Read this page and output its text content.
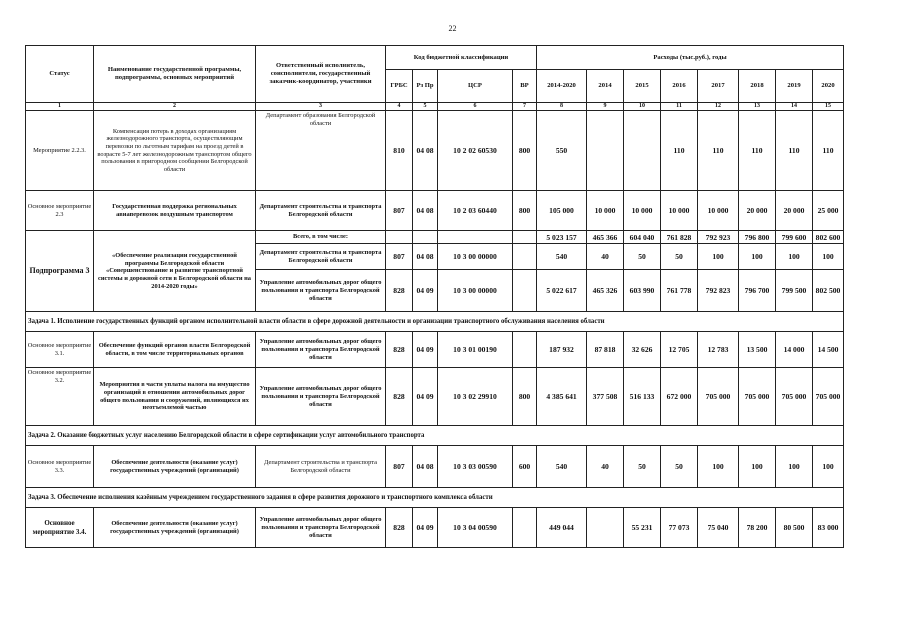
22
Статус	Наименование государственной программы, подпрограммы, основных мероприятий	Ответственный исполнитель, соисполнители, государственный заказчик-координатор, участники	Код бюджетной классификации				Расходы (тыс.руб.), годы							
			ГРБС	Рз Пр	ЦСР	ВР	2014-2020	2014	2015	2016	2017	2018	2019	2020
1	2	3	4	5	6	7	8	9	10	11	12	13	14	15
Мероприятие 2.2.3.	Компенсация потерь в доходах организациям железнодорожного транспорта, осуществляющим перевозки по льготным тарифам на проезд детей в возрасте 5-7 лет железнодорожным транспортом общего пользования в пригородном сообщении Белгородской области	Департамент образования Белгородской области	810	04 08	10 2 02 60530	800	550			110	110	110	110	110
Основное мероприятие 2.3	Государственная поддержка региональных авиаперевозок воздушным транспортом	Департамент строительства и транспорта Белгородской области	807	04 08	10 2 03 60440	800	105 000	10 000	10 000	10 000	10 000	20 000	20 000	25 000
Подпрограмма 3	«Обеспечение реализации государственной программы Белгородской области «Совершенствование и развитие транспортной системы и дорожной сети в Белгородской области на 2014-2020 годы»	Всего, в том числе:					5 023 157	465 366	604 040	761 828	792 923	796 800	799 600	802 600
		Департамент строительства и транспорта Белгородской области	807	04 08	10 3 00 00000		540	40	50	50	100	100	100	100
		Управление автомобильных дорог общего пользования и транспорта Белгородской области	828	04 09	10 3 00 00000		5 022 617	465 326	603 990	761 778	792 823	796 700	799 500	802 500
Задача 1. Исполнение государственных функций органом исполнительной власти области в сфере дорожной деятельности и организации транспортного обслуживания населения области														
Основное мероприятие 3.1.	Обеспечение функций органов власти Белгородской области, в том числе территориальных органов	Управление автомобильных дорог общего пользования и транспорта Белгородской области	828	04 09	10 3 01 00190		187 932	87 818	32 626	12 705	12 783	13 500	14 000	14 500
Основное мероприятие 3.2.	Мероприятия в части уплаты налога на имущество организаций в отношении автомобильных дорог общего пользования и сооружений, являющихся их неотъемлемой частью	Управление автомобильных дорог общего пользования и транспорта Белгородской области	828	04 09	10 3 02 29910	800	4 385 641	377 508	516 133	672 000	705 000	705 000	705 000	705 000
Задача 2. Оказание бюджетных услуг населению Белгородской области в сфере сертификации услуг автомобильного транспорта														
Основное мероприятие 3.3.	Обеспечение деятельности (оказание услуг) государственных учреждений (организаций)	Департамент строительства и транспорта Белгородской области	807	04 08	10 3 03 00590	600	540	40	50	50	100	100	100	100
Задача 3. Обеспечение исполнения казённым учреждением государственного задания в сфере развития дорожного и транспортного комплекса области														
Основное мероприятие 3.4.	Обеспечение деятельности (оказание услуг) государственных учреждений (организаций)	Управление автомобильных дорог общего пользования и транспорта Белгородской области	828	04 09	10 3 04 00590		449 044		55 231	77 073	75 040	78 200	80 500	83 000
